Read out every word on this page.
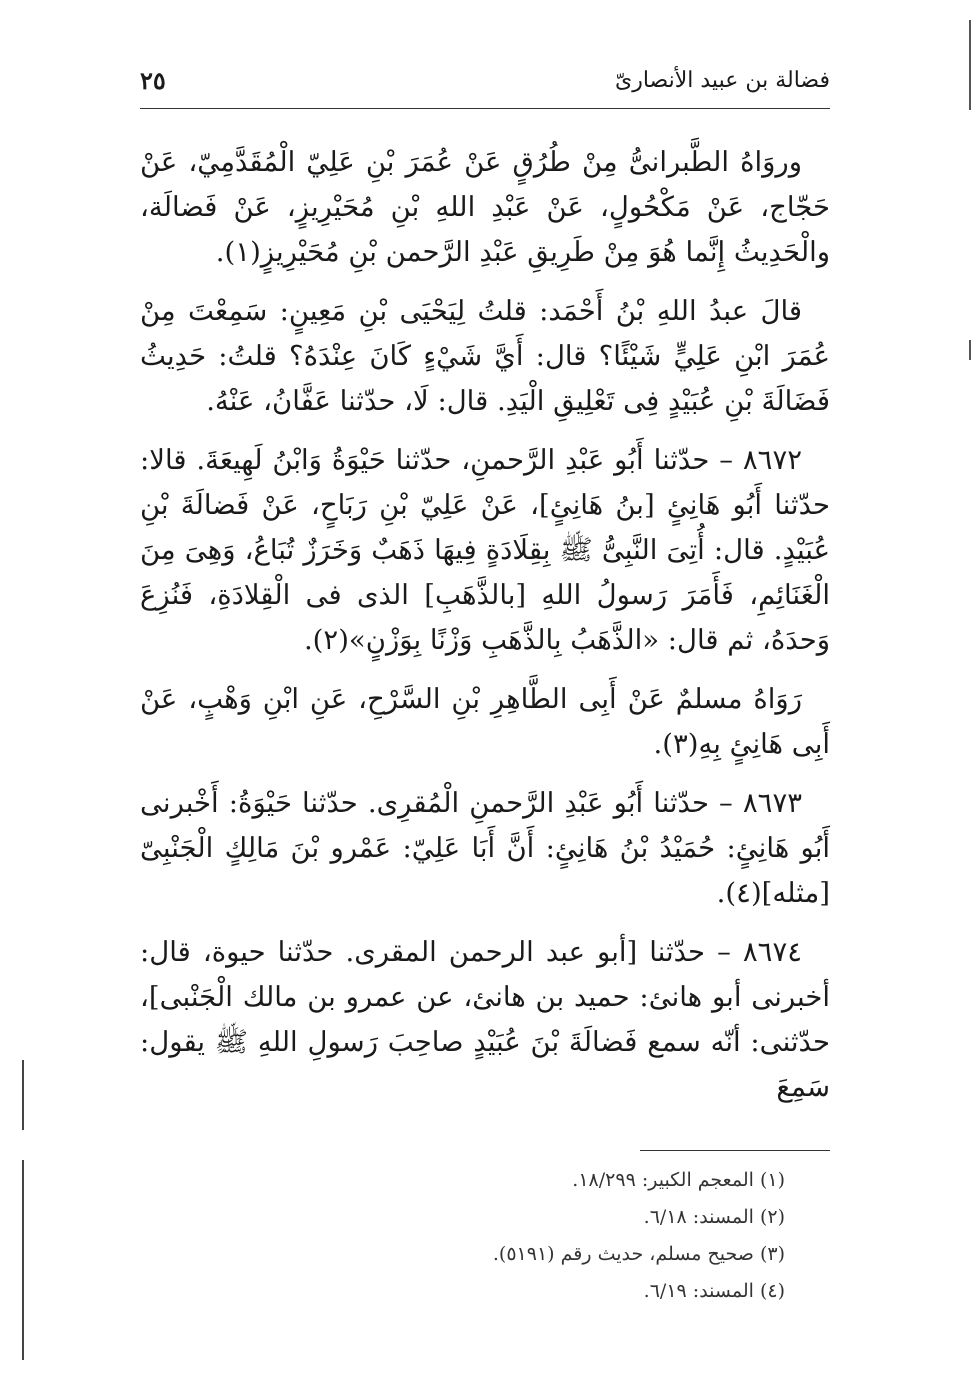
فضالة بن عبيد الأنصارىّ
٢٥

وروَاهُ الطَّبرانىُّ مِنْ طُرُقٍ عَنْ عُمَرَ بْنِ عَلِيّ الْمُقَدَّمِيّ، عَنْ حَجّاج، عَنْ مَكْحُولٍ، عَنْ عَبْدِ اللهِ بْنِ مُحَيْرِيزٍ، عَنْ فَضالَة، والْحَدِيثُ إِنَّما هُوَ مِنْ طَرِيقِ عَبْدِ الرَّحمن بْنِ مُحَيْرِيزٍ(١).

قالَ عبدُ اللهِ بْنُ أَحْمَد: قلتُ لِيَحْيَى بْنِ مَعِينٍ: سَمِعْتَ مِنْ عُمَرَ ابْنِ عَلِيٍّ شَيْئًا؟ قال: أَيَّ شَيْءٍ كَانَ عِنْدَهُ؟ قلتُ: حَدِيثُ فَضَالَةَ بْنِ عُبَيْدٍ فِى تَعْلِيقِ الْيَدِ. قال: لَا، حدّثنا عَفَّانُ، عَنْهُ.

٨٦٧٢ – حدّثنا أَبُو عَبْدِ الرَّحمنِ، حدّثنا حَيْوَةُ وَابْنُ لَهِيعَةَ. قالا: حدّثنا أَبُو هَانِئٍ [بنُ هَانِئٍ]، عَنْ عَلِيّ بْنِ رَبَاحٍ، عَنْ فَضالَةَ بْنِ عُبَيْدٍ. قال: أُتِىَ النَّبِىُّ ﷺ بِقِلَادَةٍ فِيهَا ذَهَبٌ وَخَرَزٌ تُبَاعُ، وَهِىَ مِنَ الْغَنَائِمِ، فَأَمَرَ رَسولُ اللهِ [بالذَّهَبِ] الذى فى الْقِلادَةِ، فَنُزِعَ وَحدَهُ، ثم قال: «الذَّهَبُ بِالذَّهَبِ وَزْنًا بِوَزْنٍ»(٢).

رَوَاهُ مسلمٌ عَنْ أَبِى الطَّاهِرِ بْنِ السَّرْحِ، عَنِ ابْنِ وَهْبٍ، عَنْ أَبِى هَانِئٍ بِهِ(٣).

٨٦٧٣ – حدّثنا أَبُو عَبْدِ الرَّحمنِ الْمُقرِى. حدّثنا حَيْوَةُ: أَخْبرنى أَبُو هَانِئٍ: حُمَيْدُ بْنُ هَانِئٍ: أَنَّ أَبَا عَلِيّ: عَمْرو بْنَ مَالِكٍ الْجَنْبِىّ [مثله](٤).

٨٦٧٤ – حدّثنا [أبو عبد الرحمن المقرى. حدّثنا حيوة، قال: أخبرنى أبو هانئ: حميد بن هانئ، عن عمرو بن مالك الْجَنْبى]، حدّثنى: أنّه سمع فَضالَةَ بْنَ عُبَيْدٍ صاحِبَ رَسولِ اللهِ ﷺ يقول: سَمِعَ

(١) المعجم الكبير: ١٨/٢٩٩.
(٢) المسند: ٦/١٨.
(٣) صحيح مسلم، حديث رقم (٥١٩١).
(٤) المسند: ٦/١٩.
